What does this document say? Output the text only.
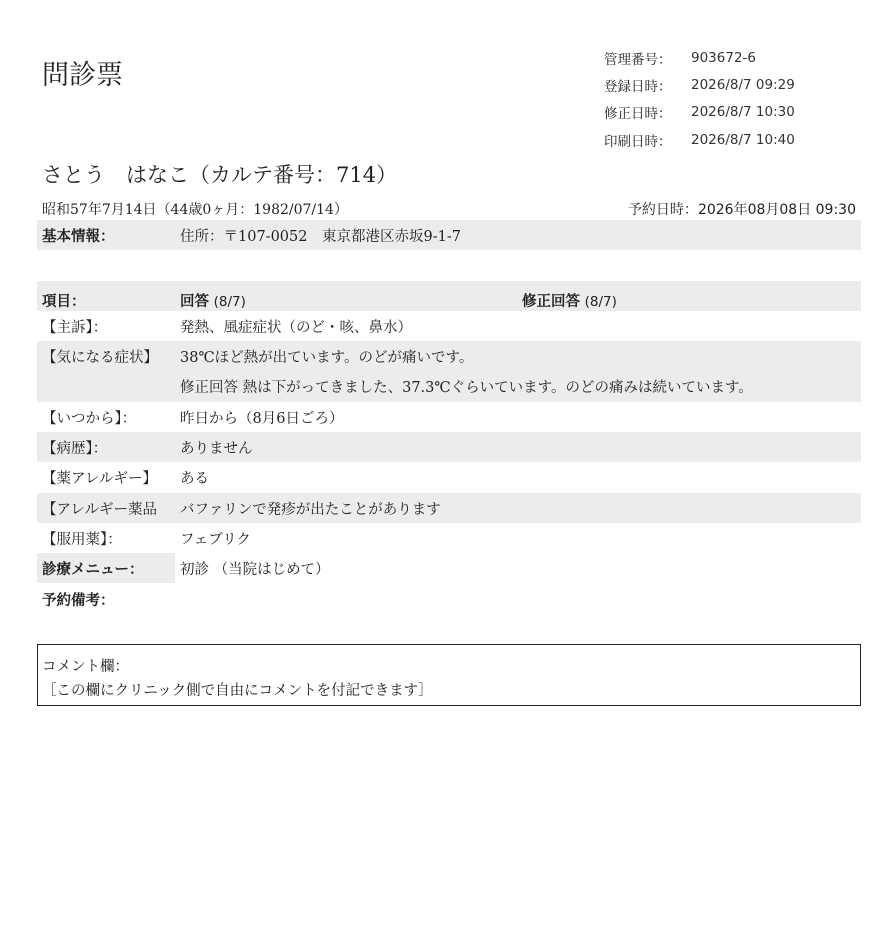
問診票
管理番号：	903672-6
登録日時：	2026/8/7 09:29
修正日時：	2026/8/7 10:30
印刷日時：	2026/8/7 10:40
さとう　はなこ（カルテ番号：714）
昭和57年7月14日（44歳0ヶ月：1982/07/14）	予約日時：2026年08月08日 09:30
基本情報：	住所：〒107-0052　東京都港区赤坂9-1-7
項目：	回答 (8/7)	修正回答 (8/7)
【主訴】：	発熱、風症症状（のど・咳、鼻水）
【気になる症状】	38℃ほど熱が出ています。のどが痛いです。
修正回答 熱は下がってきました、37.3℃ぐらいています。のどの痛みは続いています。
【いつから】：	昨日から（8月6日ごろ）
【病歴】：	ありません
【薬アレルギー】	ある
【アレルギー薬品	バファリンで発疹が出たことがあります
【服用薬】：	フェブリク
診療メニュー：	初診 （当院はじめて）
予約備考：
コメント欄：
［この欄にクリニック側で自由にコメントを付記できます］
